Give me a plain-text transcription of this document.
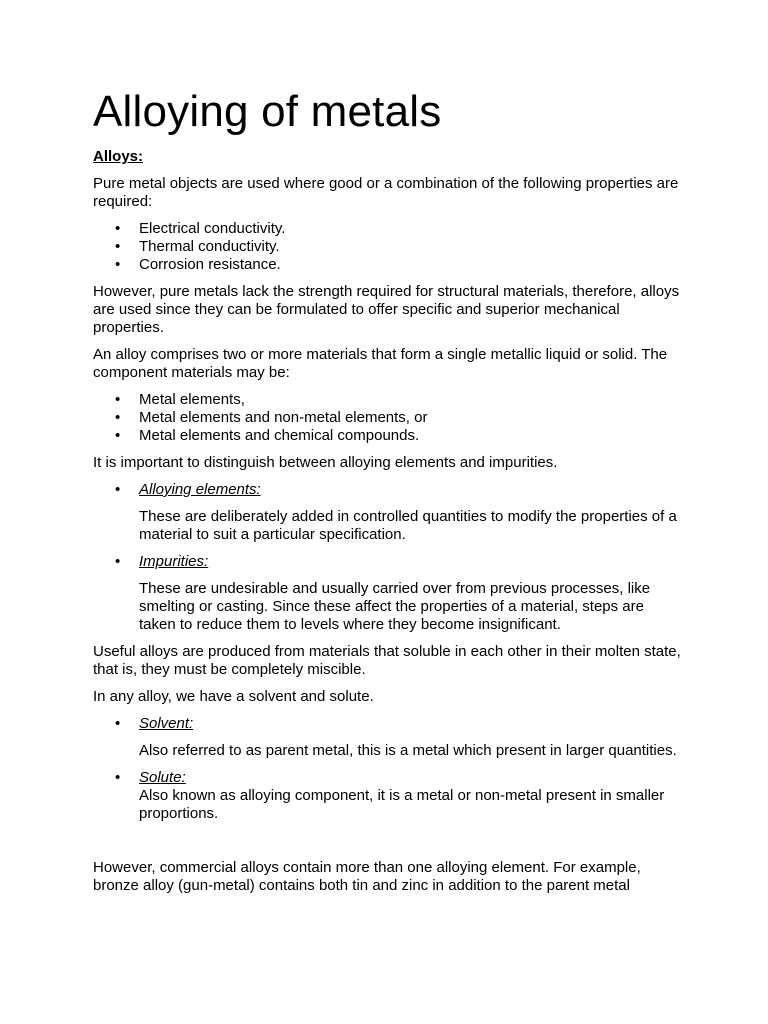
Alloying of metals
Alloys:

Pure metal objects are used where good or a combination of the following properties are required:

• Electrical conductivity.
• Thermal conductivity.
• Corrosion resistance.

However, pure metals lack the strength required for structural materials, therefore, alloys are used since they can be formulated to offer specific and superior mechanical properties.

An alloy comprises two or more materials that form a single metallic liquid or solid. The component materials may be:

• Metal elements,
• Metal elements and non-metal elements, or
• Metal elements and chemical compounds.

It is important to distinguish between alloying elements and impurities.

• Alloying elements:

These are deliberately added in controlled quantities to modify the properties of a material to suit a particular specification.

• Impurities:

These are undesirable and usually carried over from previous processes, like smelting or casting. Since these affect the properties of a material, steps are taken to reduce them to levels where they become insignificant.

Useful alloys are produced from materials that soluble in each other in their molten state, that is, they must be completely miscible.

In any alloy, we have a solvent and solute.

• Solvent:

Also referred to as parent metal, this is a metal which present in larger quantities.

• Solute:

Also known as alloying component, it is a metal or non-metal present in smaller proportions.

However, commercial alloys contain more than one alloying element. For example, bronze alloy (gun-metal) contains both tin and zinc in addition to the parent metal
